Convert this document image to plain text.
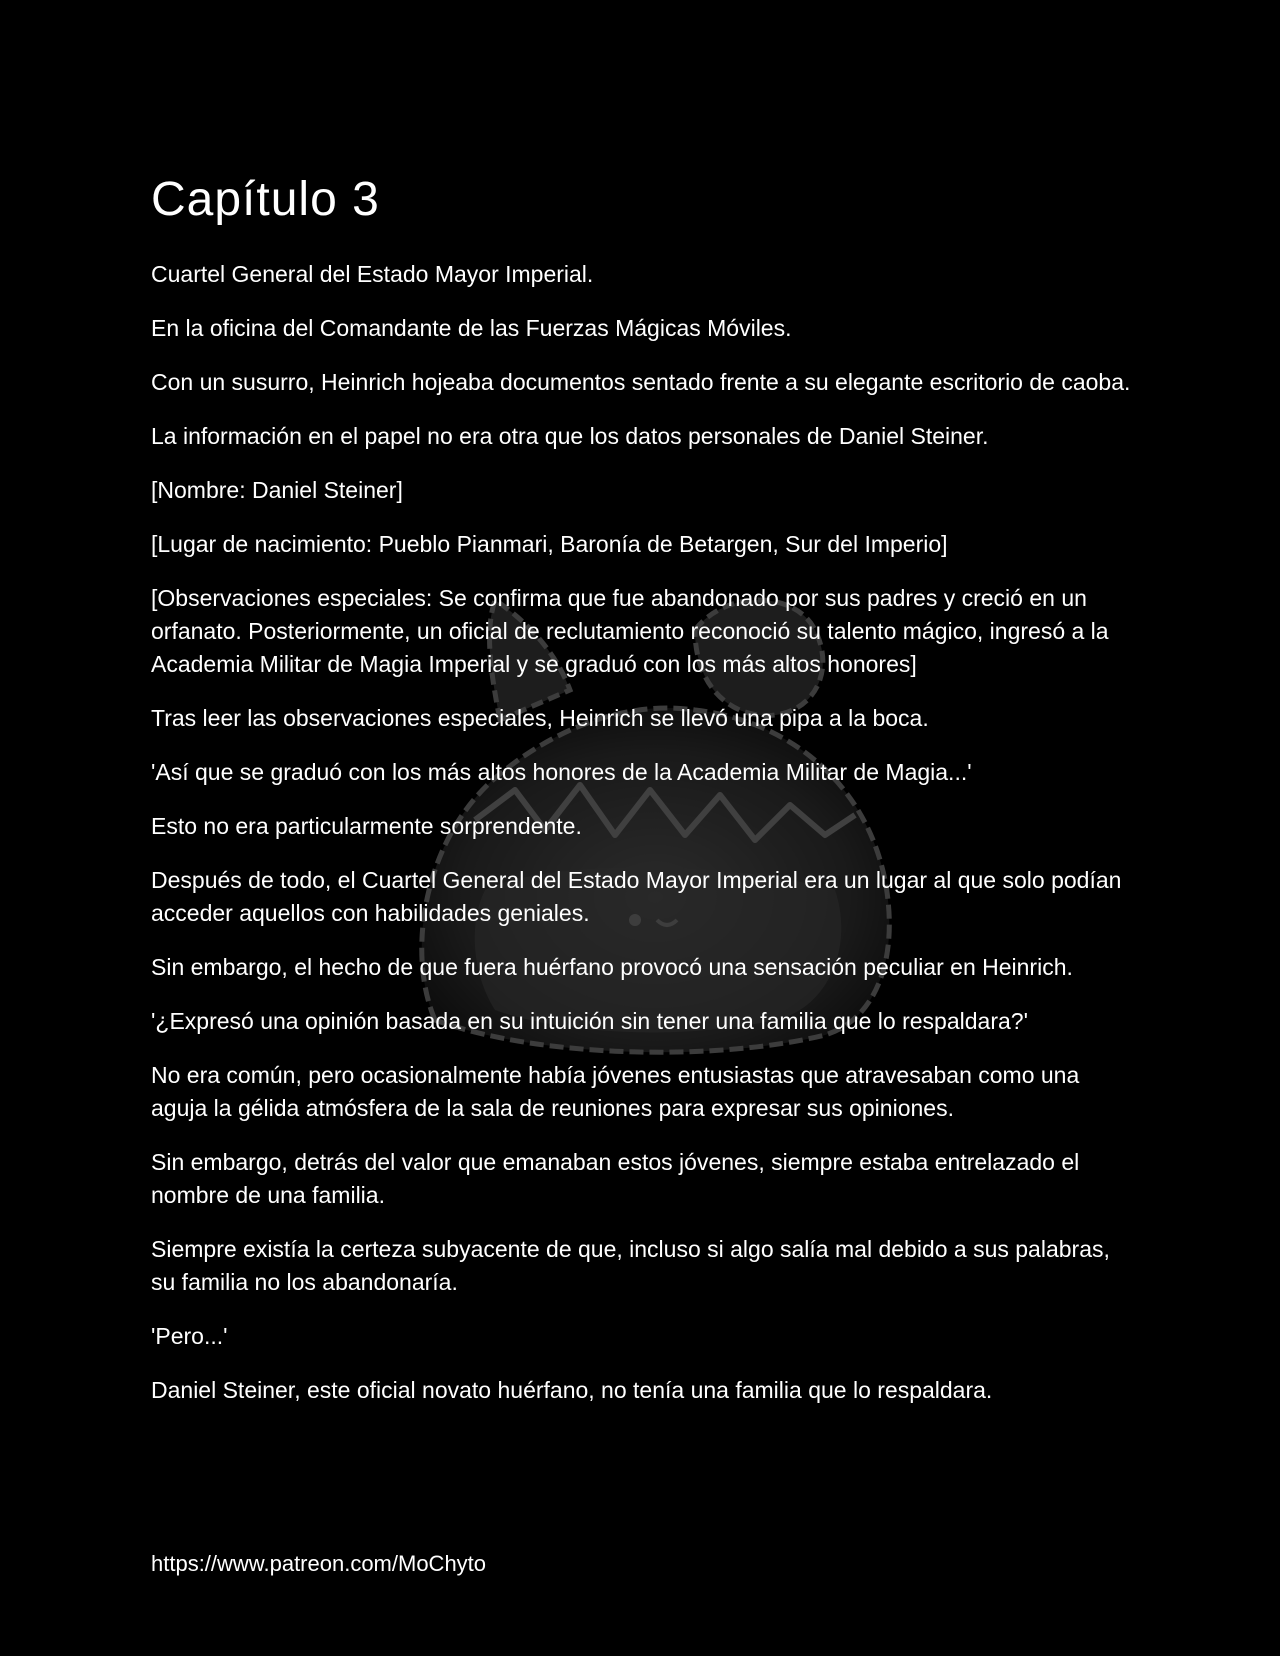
Capítulo 3

Cuartel General del Estado Mayor Imperial.

En la oficina del Comandante de las Fuerzas Mágicas Móviles.

Con un susurro, Heinrich hojeaba documentos sentado frente a su elegante escritorio de caoba.

La información en el papel no era otra que los datos personales de Daniel Steiner.

[Nombre: Daniel Steiner]

[Lugar de nacimiento: Pueblo Pianmari, Baronía de Betargen, Sur del Imperio]

[Observaciones especiales: Se confirma que fue abandonado por sus padres y creció en un orfanato. Posteriormente, un oficial de reclutamiento reconoció su talento mágico, ingresó a la Academia Militar de Magia Imperial y se graduó con los más altos honores]

Tras leer las observaciones especiales, Heinrich se llevó una pipa a la boca.

'Así que se graduó con los más altos honores de la Academia Militar de Magia...'

Esto no era particularmente sorprendente.

Después de todo, el Cuartel General del Estado Mayor Imperial era un lugar al que solo podían acceder aquellos con habilidades geniales.

Sin embargo, el hecho de que fuera huérfano provocó una sensación peculiar en Heinrich.

'¿Expresó una opinión basada en su intuición sin tener una familia que lo respaldara?'

No era común, pero ocasionalmente había jóvenes entusiastas que atravesaban como una aguja la gélida atmósfera de la sala de reuniones para expresar sus opiniones.

Sin embargo, detrás del valor que emanaban estos jóvenes, siempre estaba entrelazado el nombre de una familia.

Siempre existía la certeza subyacente de que, incluso si algo salía mal debido a sus palabras, su familia no los abandonaría.

'Pero...'

Daniel Steiner, este oficial novato huérfano, no tenía una familia que lo respaldara.

https://www.patreon.com/MoChyto
